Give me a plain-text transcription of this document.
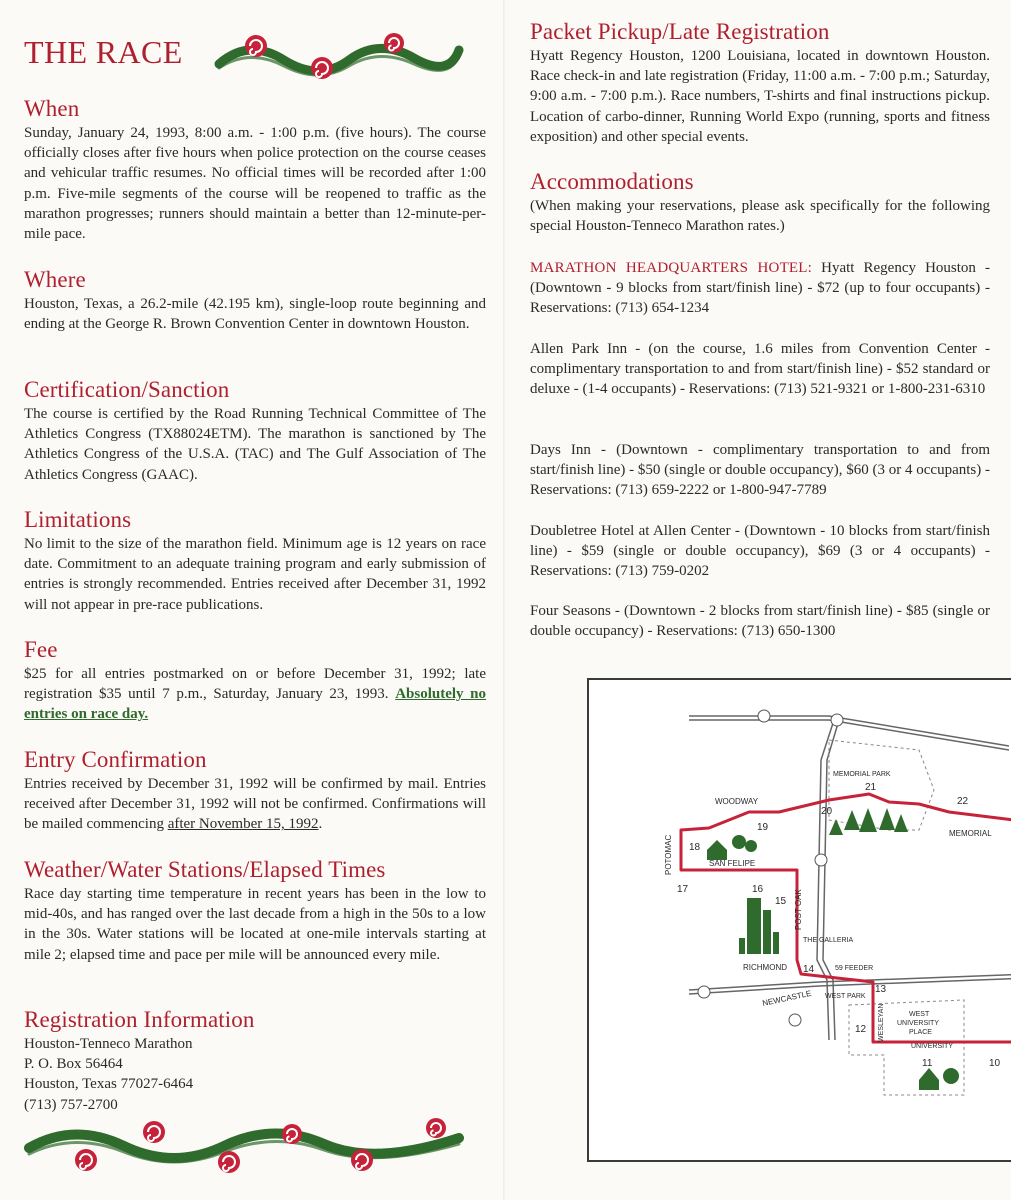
THE RACE
When

Sunday, January 24, 1993, 8:00 a.m. - 1:00 p.m. (five hours). The course officially closes after five hours when police protection on the course ceases and vehicular traffic resumes. No official times will be recorded after 1:00 p.m. Five-mile segments of the course will be reopened to traffic as the marathon progresses; runners should maintain a better than 12-minute-per-mile pace.

Where

Houston, Texas, a 26.2-mile (42.195 km), single-loop route beginning and ending at the George R. Brown Convention Center in downtown Houston.

Certification/Sanction

The course is certified by the Road Running Technical Committee of The Athletics Congress (TX88024ETM). The marathon is sanctioned by The Athletics Congress of the U.S.A. (TAC) and The Gulf Association of The Athletics Congress (GAAC).

Limitations

No limit to the size of the marathon field. Minimum age is 12 years on race date. Commitment to an adequate training program and early submission of entries is strongly recommended. Entries received after December 31, 1992 will not appear in pre-race publications.

Fee

$25 for all entries postmarked on or before December 31, 1992; late registration $35 until 7 p.m., Saturday, January 23, 1993. Absolutely no entries on race day.

Entry Confirmation

Entries received by December 31, 1992 will be confirmed by mail. Entries received after December 31, 1992 will not be confirmed. Confirmations will be mailed commencing after November 15, 1992.

Weather/Water Stations/Elapsed Times

Race day starting time temperature in recent years has been in the low to mid-40s, and has ranged over the last decade from a high in the 50s to a low in the 30s. Water stations will be located at one-mile intervals starting at mile 2; elapsed time and pace per mile will be announced every mile.

Registration Information

Houston-Tenneco Marathon

P. O. Box 56464

Houston, Texas 77027-6464

(713) 757-2700

Packet Pickup/Late Registration

Hyatt Regency Houston, 1200 Louisiana, located in downtown Houston. Race check-in and late registration (Friday, 11:00 a.m. - 7:00 p.m.; Saturday, 9:00 a.m. - 7:00 p.m.). Race numbers, T-shirts and final instructions pickup. Location of carbo-dinner, Running World Expo (running, sports and fitness exposition) and other special events.

Accommodations

(When making your reservations, please ask specifically for the following special Houston-Tenneco Marathon rates.)

MARATHON HEADQUARTERS HOTEL: Hyatt Regency Houston - (Downtown - 9 blocks from start/finish line) - $72 (up to four occupants) - Reservations: (713) 654-1234

Allen Park Inn - (on the course, 1.6 miles from Convention Center - complimentary transportation to and from start/finish line) - $52 standard or deluxe - (1-4 occupants) - Reservations: (713) 521-9321 or 1-800-231-6310

Days Inn - (Downtown - complimentary transportation to and from start/finish line) - $50 (single or double occupancy), $60 (3 or 4 occupants) - Reservations: (713) 659-2222 or 1-800-947-7789

Doubletree Hotel at Allen Center - (Downtown - 10 blocks from start/finish line) - $59 (single or double occupancy), $69 (3 or 4 occupants) - Reservations: (713) 759-0202

Four Seasons - (Downtown - 2 blocks from start/finish line) - $85 (single or double occupancy) - Reservations: (713) 650-1300

WOODWAY
MEMORIAL PARK
MEMORIAL
POTOMAC	SAN FELIPE
POST OAK
THE GALLERIA
RICHMOND	59 FEEDER
NEWCASTLE WEST PARK
WESLEYAN	WEST
UNIVERSITY
PLACE
UNIVERSITY
10
11
12
13
14
15
16
17
18
19
20
21
22
